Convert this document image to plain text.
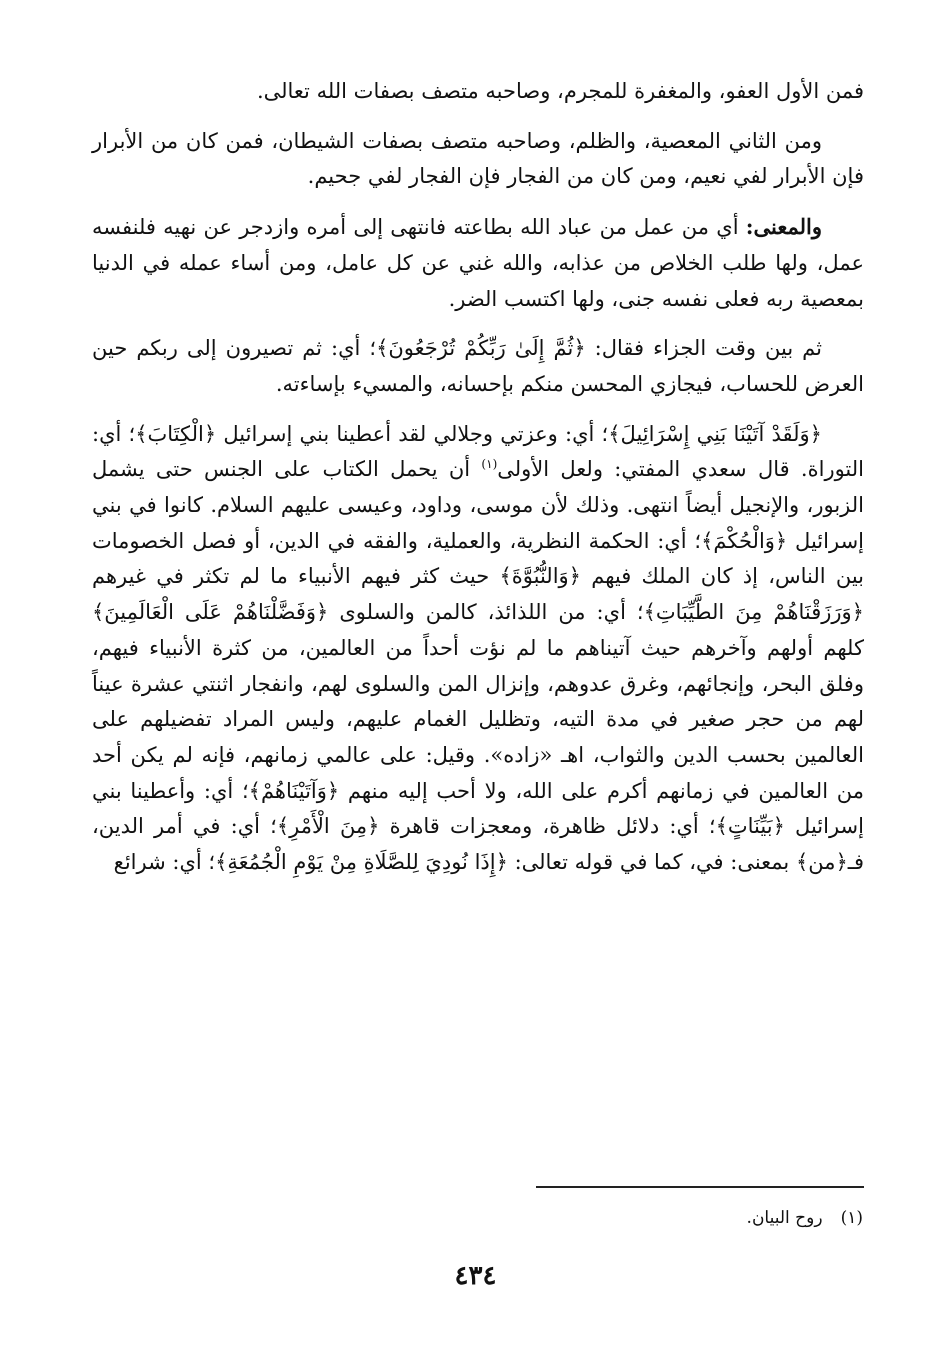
فمن الأول العفو، والمغفرة للمجرم، وصاحبه متصف بصفات الله تعالى.

ومن الثاني المعصية، والظلم، وصاحبه متصف بصفات الشيطان، فمن كان من الأبرار فإن الأبرار لفي نعيم، ومن كان من الفجار فإن الفجار لفي جحيم.

والمعنى: أي من عمل من عباد الله بطاعته فانتهى إلى أمره وازدجر عن نهيه فلنفسه عمل، ولها طلب الخلاص من عذابه، والله غني عن كل عامل، ومن أساء عمله في الدنيا بمعصية ربه فعلى نفسه جنى، ولها اكتسب الضر.

ثم بين وقت الجزاء فقال: ﴿ثُمَّ إِلَىٰ رَبِّكُمْ تُرْجَعُونَ﴾؛ أي: ثم تصيرون إلى ربكم حين العرض للحساب، فيجازي المحسن منكم بإحسانه، والمسيء بإساءته.

﴿وَلَقَدْ آتَيْنَا بَنِي إِسْرَائِيلَ﴾؛ أي: وعزتي وجلالي لقد أعطينا بني إسرائيل ﴿الْكِتَابَ﴾؛ أي: التوراة. قال سعدي المفتي: ولعل الأولى$^{(١)}$ أن يحمل الكتاب على الجنس حتى يشمل الزبور، والإنجيل أيضاً انتهى. وذلك لأن موسى، وداود، وعيسى عليهم السلام. كانوا في بني إسرائيل ﴿وَالْحُكْمَ﴾؛ أي: الحكمة النظرية، والعملية، والفقه في الدين، أو فصل الخصومات بين الناس، إذ كان الملك فيهم ﴿وَالنُّبُوَّةَ﴾ حيث كثر فيهم الأنبياء ما لم تكثر في غيرهم ﴿وَرَزَقْنَاهُمْ مِنَ الطَّيِّبَاتِ﴾؛ أي: من اللذائذ، كالمن والسلوى ﴿وَفَضَّلْنَاهُمْ عَلَى الْعَالَمِينَ﴾ كلهم أولهم وآخرهم حيث آتيناهم ما لم نؤت أحداً من العالمين، من كثرة الأنبياء فيهم، وفلق البحر، وإنجائهم، وغرق عدوهم، وإنزال المن والسلوى لهم، وانفجار اثنتي عشرة عيناً لهم من حجر صغير في مدة التيه، وتظليل الغمام عليهم، وليس المراد تفضيلهم على العالمين بحسب الدين والثواب، اهـ «زاده». وقيل: على عالمي زمانهم، فإنه لم يكن أحد من العالمين في زمانهم أكرم على الله، ولا أحب إليه منهم ﴿وَآتَيْنَاهُمْ﴾؛ أي: وأعطينا بني إسرائيل ﴿بَيِّنَاتٍ﴾؛ أي: دلائل ظاهرة، ومعجزات قاهرة ﴿مِنَ الْأَمْرِ﴾؛ أي: في أمر الدين، فـ﴿من﴾ بمعنى: في، كما في قوله تعالى: ﴿إِذَا نُودِيَ لِلصَّلَاةِ مِنْ يَوْمِ الْجُمُعَةِ﴾؛ أي: شرائع

(١)روح البيان.
٤٣٤
